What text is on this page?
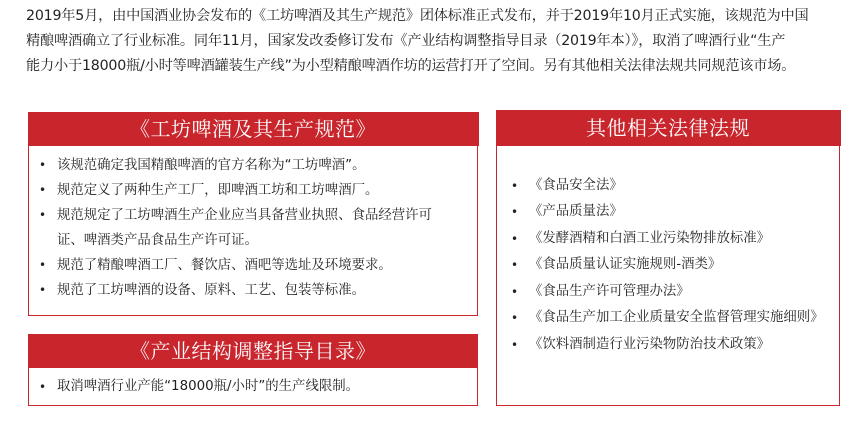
2019年5月，由中国酒业协会发布的《工坊啤酒及其生产规范》团体标准正式发布，并于2019年10月正式实施，该规范为中国

精酿啤酒确立了行业标准。同年11月，国家发改委修订发布《产业结构调整指导目录（2019年本）》，取消了啤酒行业“生产

能力小于18000瓶/小时等啤酒罐装生产线”为小型精酿啤酒作坊的运营打开了空间。另有其他相关法律法规共同规范该市场。

《工坊啤酒及其生产规范》
• 该规范确定我国精酿啤酒的官方名称为“工坊啤酒”。
• 规范定义了两种生产工厂，即啤酒工坊和工坊啤酒厂。
• 规范规定了工坊啤酒生产企业应当具备营业执照、食品经营许可
证、啤酒类产品食品生产许可证。
• 规范了精酿啤酒工厂、餐饮店、酒吧等选址及环境要求。
• 规范了工坊啤酒的设备、原料、工艺、包装等标准。
《产业结构调整指导目录》
• 取消啤酒行业产能“18000瓶/小时”的生产线限制。
其他相关法律法规
• 《食品安全法》
• 《产品质量法》
• 《发酵酒精和白酒工业污染物排放标准》
• 《食品质量认证实施规则-酒类》
• 《食品生产许可管理办法》
• 《食品生产加工企业质量安全监督管理实施细则》
• 《饮料酒制造行业污染物防治技术政策》
